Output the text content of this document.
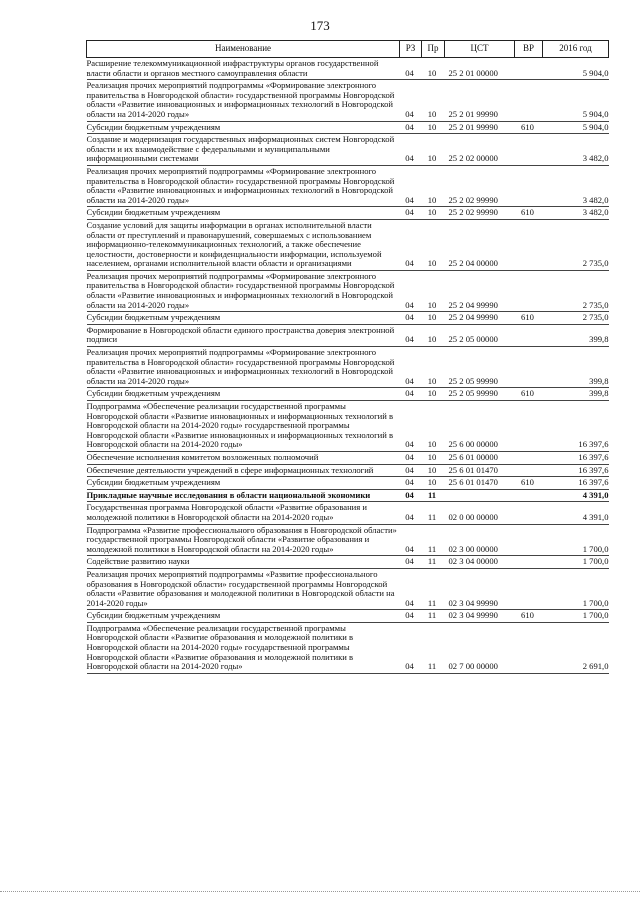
173
Наименование	РЗ	Пр	ЦСТ	ВР	2016 год
Расширение телекоммуникационной инфраструктуры органов государственной власти области и органов местного самоуправления области	04	10	25 2 01 00000		5 904,0
Реализация прочих мероприятий подпрограммы «Формирование электронного правительства в Новгородской области» государственной программы Новгородской области «Развитие инновационных и информационных технологий в Новгородской области на 2014-2020 годы»	04	10	25 2 01 99990		5 904,0
Субсидии бюджетным учреждениям	04	10	25 2 01 99990	610	5 904,0
Создание и модернизация государственных информационных систем Новгородской области и их взаимодействие с федеральными и муниципальными информационными системами	04	10	25 2 02 00000		3 482,0
Реализация прочих мероприятий подпрограммы «Формирование электронного правительства в Новгородской области» государственной программы Новгородской области «Развитие инновационных и информационных технологий в Новгородской области на 2014-2020 годы»	04	10	25 2 02 99990		3 482,0
Субсидии бюджетным учреждениям	04	10	25 2 02 99990	610	3 482,0
Создание условий для защиты информации в органах исполнительной власти области от преступлений и правонарушений, совершаемых с использованием информационно-телекоммуникационных технологий, а также обеспечение целостности, достоверности и конфиденциальности информации, используемой населением, органами исполнительной власти области и организациями	04	10	25 2 04 00000		2 735,0
Реализация прочих мероприятий подпрограммы «Формирование электронного правительства в Новгородской области» государственной программы Новгородской области «Развитие инновационных и информационных технологий в Новгородской области на 2014-2020 годы»	04	10	25 2 04 99990		2 735,0
Субсидии бюджетным учреждениям	04	10	25 2 04 99990	610	2 735,0
Формирование в Новгородской области единого пространства доверия электронной подписи	04	10	25 2 05 00000		399,8
Реализация прочих мероприятий подпрограммы «Формирование электронного правительства в Новгородской области» государственной программы Новгородской области «Развитие инновационных и информационных технологий в Новгородской области на 2014-2020 годы»	04	10	25 2 05 99990		399,8
Субсидии бюджетным учреждениям	04	10	25 2 05 99990	610	399,8
Подпрограмма «Обеспечение реализации государственной программы Новгородской области «Развитие инновационных и информационных технологий в Новгородской области на 2014-2020 годы» государственной программы Новгородской области «Развитие инновационных и информационных технологий в Новгородской области на 2014-2020 годы»	04	10	25 6 00 00000		16 397,6
Обеспечение исполнения комитетом возложенных полномочий	04	10	25 6 01 00000		16 397,6
Обеспечение деятельности учреждений в сфере информационных технологий	04	10	25 6 01 01470		16 397,6
Субсидии бюджетным учреждениям	04	10	25 6 01 01470	610	16 397,6
Прикладные научные исследования в области национальной экономики	04	11			4 391,0
Государственная программа Новгородской области «Развитие образования и молодежной политики в Новгородской области на 2014-2020 годы»	04	11	02 0 00 00000		4 391,0
Подпрограмма «Развитие профессионального образования в Новгородской области» государственной программы Новгородской области «Развитие образования и молодежной политики в Новгородской области на 2014-2020 годы»	04	11	02 3 00 00000		1 700,0
Содействие развитию науки	04	11	02 3 04 00000		1 700,0
Реализация прочих мероприятий подпрограммы «Развитие профессионального образования в Новгородской области» государственной программы Новгородской области «Развитие образования и молодежной политики в Новгородской области на 2014-2020 годы»	04	11	02 3 04 99990		1 700,0
Субсидии бюджетным учреждениям	04	11	02 3 04 99990	610	1 700,0
Подпрограмма «Обеспечение реализации государственной программы Новгородской области «Развитие образования и молодежной политики в Новгородской области на 2014-2020 годы» государственной программы Новгородской области «Развитие образования и молодежной политики в Новгородской области на 2014-2020 годы»	04	11	02 7 00 00000		2 691,0
